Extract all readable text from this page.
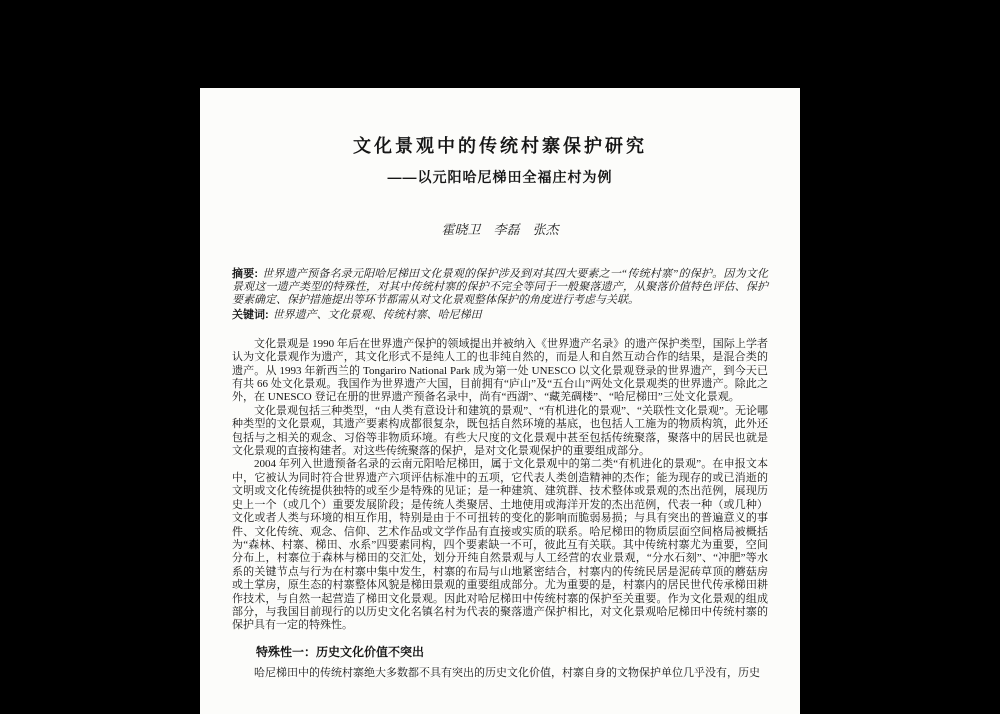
文化景观中的传统村寨保护研究
——以元阳哈尼梯田全福庄村为例
霍晓卫　李磊　张杰
摘要: 世界遗产预备名录元阳哈尼梯田文化景观的保护涉及到对其四大要素之一“传统村寨”的保护。因为文化景观这一遗产类型的特殊性，对其中传统村寨的保护不完全等同于一般聚落遗产，从聚落价值特色评估、保护要素确定、保护措施提出等环节都需从对文化景观整体保护的角度进行考虑与关联。
关键词: 世界遗产、文化景观、传统村寨、哈尼梯田

文化景观是 1990 年后在世界遗产保护的领域提出并被纳入《世界遗产名录》的遗产保护类型，国际上学者认为文化景观作为遗产，其文化形式不是纯人工的也非纯自然的，而是人和自然互动合作的结果，是混合类的遗产。从 1993 年新西兰的 Tongariro National Park 成为第一处 UNESCO 以文化景观登录的世界遗产，到今天已有共 66 处文化景观。我国作为世界遗产大国，目前拥有“庐山”及“五台山”两处文化景观类的世界遗产。除此之外，在 UNESCO 登记在册的世界遗产预备名录中，尚有“西湖”、“藏羌碉楼”、“哈尼梯田”三处文化景观。

文化景观包括三种类型，“由人类有意设计和建筑的景观”、“有机进化的景观”、“关联性文化景观”。无论哪种类型的文化景观，其遗产要素构成都很复杂，既包括自然环境的基底，也包括人工施为的物质构筑，此外还包括与之相关的观念、习俗等非物质环境。有些大尺度的文化景观中甚至包括传统聚落，聚落中的居民也就是文化景观的直接构建者。对这些传统聚落的保护，是对文化景观保护的重要组成部分。

2004 年列入世遗预备名录的云南元阳哈尼梯田，属于文化景观中的第二类“有机进化的景观”。在申报文本中，它被认为同时符合世界遗产六项评估标准中的五项，它代表人类创造精神的杰作；能为现存的或已消逝的文明或文化传统提供独特的或至少是特殊的见证；是一种建筑、建筑群、技术整体或景观的杰出范例，展现历史上一个（或几个）重要发展阶段；是传统人类聚居、土地使用或海洋开发的杰出范例，代表一种（或几种）文化或者人类与环境的相互作用，特别是由于不可扭转的变化的影响而脆弱易损；与具有突出的普遍意义的事件、文化传统、观念、信仰、艺术作品或文学作品有直接或实质的联系。哈尼梯田的物质层面空间格局被概括为“森林、村寨、梯田、水系”四要素同构，四个要素缺一不可，彼此互有关联。其中传统村寨尤为重要，空间分布上，村寨位于森林与梯田的交汇处，划分开纯自然景观与人工经营的农业景观，“分水石刻”、“冲肥”等水系的关键节点与行为在村寨中集中发生，村寨的布局与山地紧密结合，村寨内的传统民居是泥砖草顶的蘑菇房或土掌房，原生态的村寨整体风貌是梯田景观的重要组成部分。尤为重要的是，村寨内的居民世代传承梯田耕作技术，与自然一起营造了梯田文化景观。因此对哈尼梯田中传统村寨的保护至关重要。作为文化景观的组成部分，与我国目前现行的以历史文化名镇名村为代表的聚落遗产保护相比，对文化景观哈尼梯田中传统村寨的保护具有一定的特殊性。

特殊性一：历史文化价值不突出

哈尼梯田中的传统村寨绝大多数都不具有突出的历史文化价值，村寨自身的文物保护单位几乎没有，历史
